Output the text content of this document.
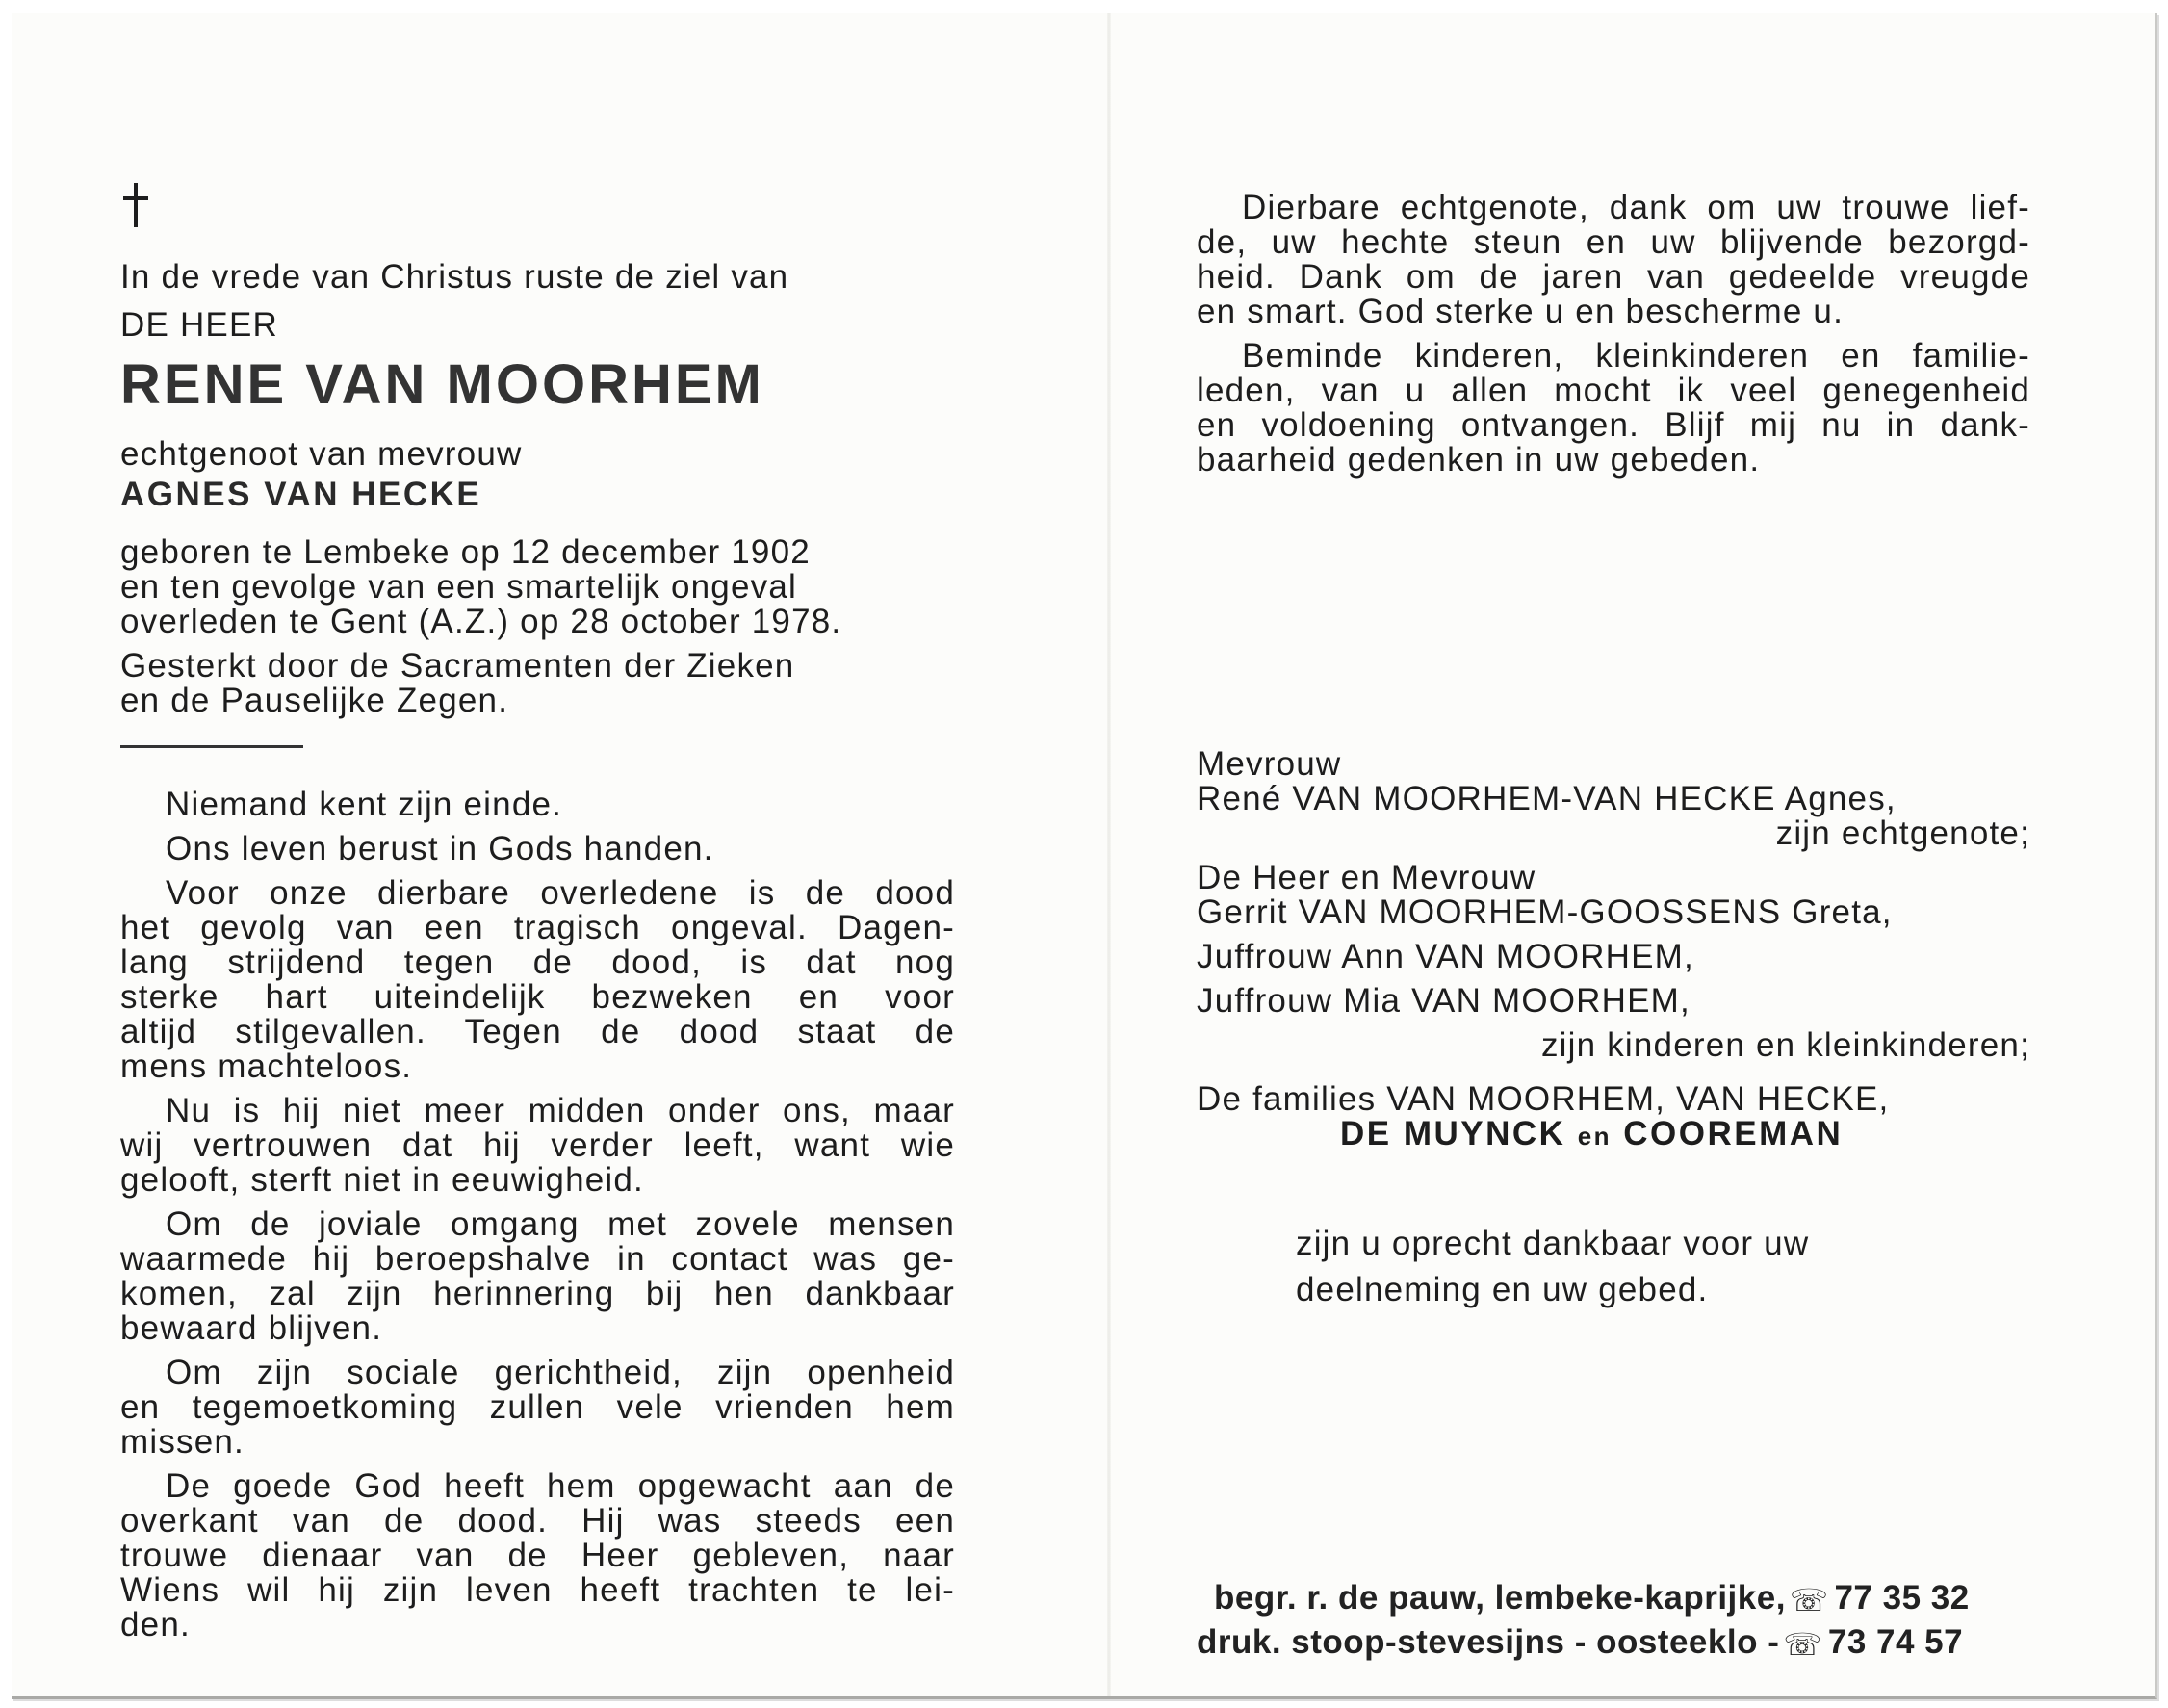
In de vrede van Christus ruste de ziel van
DE HEER
RENE VAN MOORHEM
echtgenoot van mevrouw
AGNES VAN HECKE
geboren te Lembeke op 12 december 1902
en ten gevolge van een smartelijk ongeval
overleden te Gent (A.Z.) op 28 october 1978.
Gesterkt door de Sacramenten der Zieken
en de Pauselijke Zegen.
Niemand kent zijn einde.
Ons leven berust in Gods handen.

Voor onze dierbare overledene is de dood

het gevolg van een tragisch ongeval. Dagen-

lang strijdend tegen de dood, is dat nog

sterke hart uiteindelijk bezweken en voor

altijd stilgevallen. Tegen de dood staat de

mens machteloos.

Nu is hij niet meer midden onder ons, maar

wij vertrouwen dat hij verder leeft, want wie

gelooft, sterft niet in eeuwigheid.

Om de joviale omgang met zovele mensen

waarmede hij beroepshalve in contact was ge-

komen, zal zijn herinnering bij hen dankbaar

bewaard blijven.

Om zijn sociale gerichtheid, zijn openheid

en tegemoetkoming zullen vele vrienden hem

missen.

De goede God heeft hem opgewacht aan de

overkant van de dood. Hij was steeds een

trouwe dienaar van de Heer gebleven, naar

Wiens wil hij zijn leven heeft trachten te lei-

den.

Dierbare echtgenote, dank om uw trouwe lief-

de, uw hechte steun en uw blijvende bezorgd-

heid. Dank om de jaren van gedeelde vreugde

en smart. God sterke u en bescherme u.

Beminde kinderen, kleinkinderen en familie-

leden, van u allen mocht ik veel genegenheid

en voldoening ontvangen. Blijf mij nu in dank-

baarheid gedenken in uw gebeden.

Mevrouw
René VAN MOORHEM-VAN HECKE Agnes,
zijn echtgenote;
De Heer en Mevrouw
Gerrit VAN MOORHEM-GOOSSENS Greta,
Juffrouw Ann VAN MOORHEM,
Juffrouw Mia VAN MOORHEM,
zijn kinderen en kleinkinderen;
De families VAN MOORHEM, VAN HECKE,
DE MUYNCK en COOREMAN

zijn u oprecht dankbaar voor uw

deelneming en uw gebed.

begr. r. de pauw, lembeke-kaprijke, ☏ 77 35 32
druk. stoop-stevesijns - oosteeklo - ☏ 73 74 57
